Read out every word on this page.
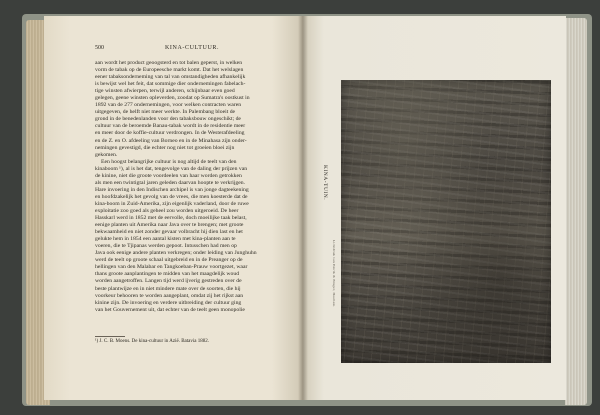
500	KINA-CULTUUR.
aan wordt het product geoogsterd en tot balen geperst, in welken
vorm de tabak op de Europeesche markt komt. Dat het welslagen
eener tabaksonderneming van tal van omstandigheden afhankelijk
is bewijst wel het feit, dat sommige dier ondernemingen fabelach-
tige winsten afwierpen, terwijl anderen, schijnbaar even goed
gelegen, geene winsten opleverden, zoodat op Sumatra's oostkust in
1892 van de 277 ondernemingen, voor welken contracten waren
uitgegeven, de helft niet meer werkte. In Palembang bloeit de
grond in de benedenlanden voor den tabaksbouw ongeschikt; de
cultuur van de beroemde Banau-tabak wordt in de residentie meer
en meer door de koffie-cultuur verdrongen. In de Westerafdeeling
en de Z. en O. afdeeling van Borneo en in de Minahasa zijn onder-
nemingen gevestigd, die echter nog niet tot groeien bloei zijn
gekomen.
Een hoogst belangrijke cultuur is nog altijd de teelt van den
kinaboom ¹), al is het dat, tengevolge van de daling der prijzen van
de kinine, niet die groote voordeelen van haar worden getrokken
als men een twintigtal jaren geleden daarvan hoopte te verkrijgen.
Hare invoering in den Indischen archipel is van jonge dagteekening
en hoofdzakelijk het gevolg van de vrees, die men koesterde dat de
kina-boom in Zuid-Amerika, zijn eigenlijk vaderland, door de ruwe
exploitatie zoo goed als geheel zou worden uitgeroeid. De heer
Hasskarl werd in 1852 met de eervolle, doch moeilijke taak belast,
eenige planten uit Amerika naar Java over te brengen; met groote
bekwaamheid en niet zonder gevaar volbracht hij dien last en het
gelukte hem in 1854 een aantal kisten met kina-planten aan te
voeren, die te Tjipanas werden gepoot. Intusschen had men op
Java ook eenige andere planten verkregen; onder leiding van Junghuhn
werd de teelt op groote schaal uitgebreid en in de Preanger op de
hellingen van den Malabar en Tangkoeban-Prauw voortgezet, waar
thans groote aanplantingen te midden van het maagdelijk woud
worden aangetroffen. Langen tijd werd ijverig gestreden over de
beste plantwijze en in niet mindere mate over de soorten, die hij
voorkeur behooren te worden aangeplant, omdat zij het rijkst aan
kinine zijn. De invoering en verdere uitbreiding der cultuur ging
van het Gouvernement uit, dat echter van de teelt geen monopolie
¹) J. C. B. Moens. De kina-cultuur in Azië. Batavia 1882.
KINA-TUIN.
Lichtdruk van Emrik & Binger, Haarlem.
